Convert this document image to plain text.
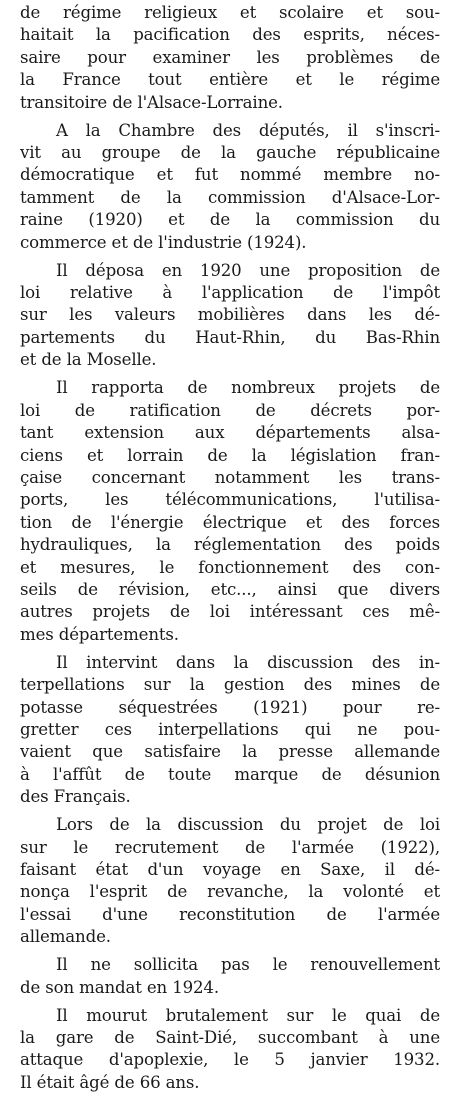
de régime religieux et scolaire et sou-
haitait la pacification des esprits, néces-
saire pour examiner les problèmes de
la France tout entière et le régime
transitoire de l'Alsace-Lorraine.
A la Chambre des députés, il s'inscri-
vit au groupe de la gauche républicaine
démocratique et fut nommé membre no-
tamment de la commission d'Alsace-Lor-
raine (1920) et de la commission du
commerce et de l'industrie (1924).
Il déposa en 1920 une proposition de
loi relative à l'application de l'impôt
sur les valeurs mobilières dans les dé-
partements du Haut-Rhin, du Bas-Rhin
et de la Moselle.
Il rapporta de nombreux projets de
loi de ratification de décrets por-
tant extension aux départements alsa-
ciens et lorrain de la législation fran-
çaise concernant notamment les trans-
ports, les télécommunications, l'utilisa-
tion de l'énergie électrique et des forces
hydrauliques, la réglementation des poids
et mesures, le fonctionnement des con-
seils de révision, etc..., ainsi que divers
autres projets de loi intéressant ces mê-
mes départements.
Il intervint dans la discussion des in-
terpellations sur la gestion des mines de
potasse séquestrées (1921) pour re-
gretter ces interpellations qui ne pou-
vaient que satisfaire la presse allemande
à l'affût de toute marque de désunion
des Français.
Lors de la discussion du projet de loi
sur le recrutement de l'armée (1922),
faisant état d'un voyage en Saxe, il dé-
nonça l'esprit de revanche, la volonté et
l'essai d'une reconstitution de l'armée
allemande.
Il ne sollicita pas le renouvellement
de son mandat en 1924.
Il mourut brutalement sur le quai de
la gare de Saint-Dié, succombant à une
attaque d'apoplexie, le 5 janvier 1932.
Il était âgé de 66 ans.
